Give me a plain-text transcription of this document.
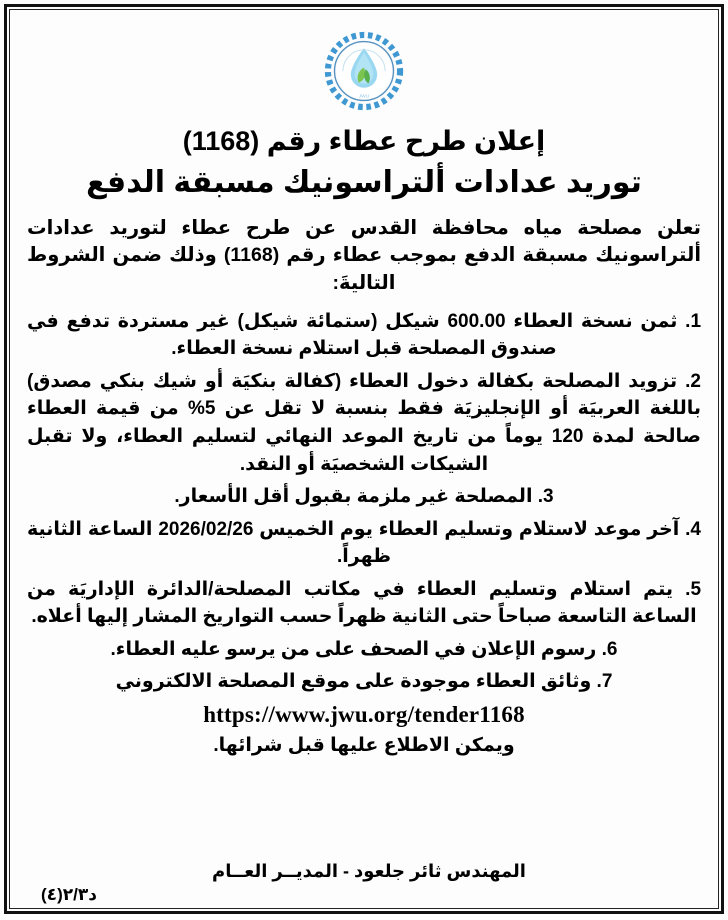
JWU
إعلان طرح عطاء رقم (1168)
توريد عدادات ألتراسونيك مسبقة الدفع
تعلن مصلحة مياه محافظة القدس عن طرح عطاء لتوريد عدادات ألتراسونيك مسبقة الدفع بموجب عطاء رقم (1168) وذلك ضمن الشروط التاليةَ:
ثمن نسخة العطاء 600.00 شيكل (ستمائة شيكل) غير مستردة تدفع في صندوق المصلحة قبل استلام نسخة العطاء.
تزويد المصلحة بكفالة دخول العطاء (كفالة بنكيَة أو شيك بنكي مصدق) باللغة العربيَة أو الإنجليزيَة فقط بنسبة لا تقل عن 5% من قيمة العطاء صالحة لمدة 120 يوماً من تاريخ الموعد النهائي لتسليم العطاء، ولا تقبل الشيكات الشخصيَة أو النقد.
المصلحة غير ملزمة بقبول أقل الأسعار.
آخر موعد لاستلام وتسليم العطاء يوم الخميس 2026/02/26 الساعة الثانية ظهراً.
يتم استلام وتسليم العطاء في مكاتب المصلحة/الدائرة الإداريَة من الساعة التاسعة صباحاً حتى الثانية ظهراً حسب التواريخ المشار إليها أعلاه.
رسوم الإعلان في الصحف على من يرسو عليه العطاء.
وثائق العطاء موجودة على موقع المصلحة الالكتروني
https://www.jwu.org/tender1168
ويمكن الاطلاع عليها قبل شرائها.
المهندس ثائر جلعود - المديــر العــام
د٢/٣(٤)
